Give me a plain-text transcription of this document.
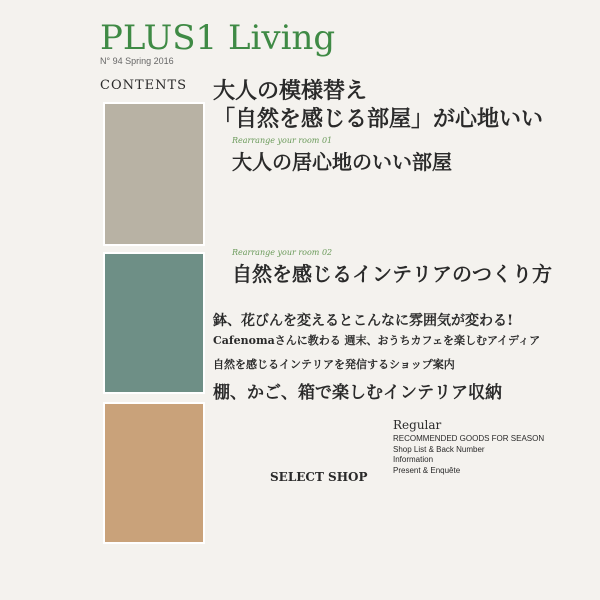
PLUS1 Living
N° 94 Spring 2016
CONTENTS 大人の模様替え
「自然を感じる部屋」が心地いい
Rearrange your room 01
大人の居心地のいい部屋
Rearrange your room 02
自然を感じるインテリアのつくり方
鉢、花びんを変えるとこんなに雰囲気が変わる!
Cafenomaさんに教わる 週末、おうちカフェを楽しむアイディア
自然を感じるインテリアを発信するショップ案内
棚、かご、箱で楽しむインテリア収納
SELECT SHOP
Regular
RECOMMENDED GOODS FOR SEASON
Shop List & Back Number
Information
Present & Enquête
